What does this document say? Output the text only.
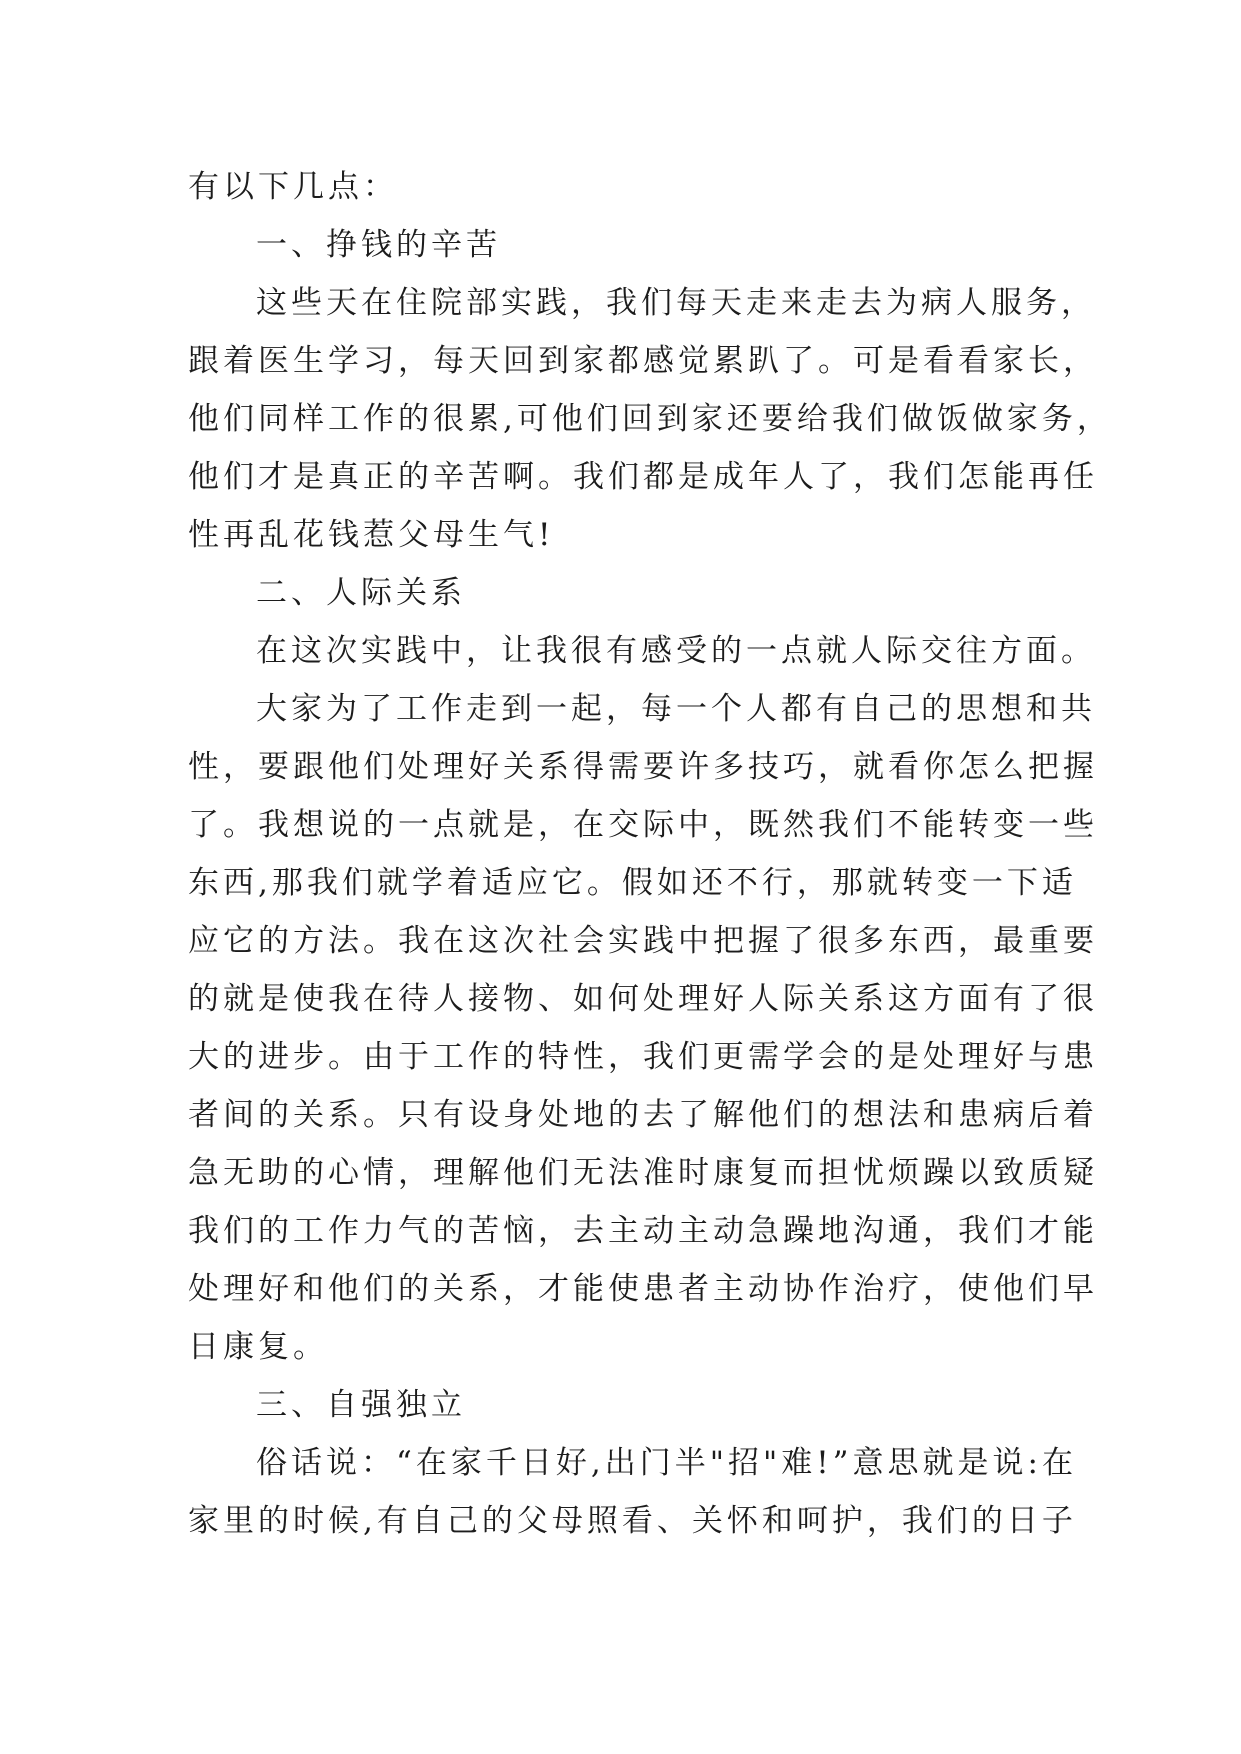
有以下几点：
一、挣钱的辛苦
这些天在住院部实践，我们每天走来走去为病人服务，
跟着医生学习，每天回到家都感觉累趴了。可是看看家长，
他们同样工作的很累,可他们回到家还要给我们做饭做家务，
他们才是真正的辛苦啊。我们都是成年人了，我们怎能再任
性再乱花钱惹父母生气!
二、人际关系
在这次实践中，让我很有感受的一点就人际交往方面。
大家为了工作走到一起，每一个人都有自己的思想和共
性，要跟他们处理好关系得需要许多技巧，就看你怎么把握
了。我想说的一点就是，在交际中，既然我们不能转变一些
东西,那我们就学着适应它。假如还不行，那就转变一下适
应它的方法。我在这次社会实践中把握了很多东西，最重要
的就是使我在待人接物、如何处理好人际关系这方面有了很
大的进步。由于工作的特性，我们更需学会的是处理好与患
者间的关系。只有设身处地的去了解他们的想法和患病后着
急无助的心情，理解他们无法准时康复而担忧烦躁以致质疑
我们的工作力气的苦恼，去主动主动急躁地沟通，我们才能
处理好和他们的关系，才能使患者主动协作治疗，使他们早
日康复。
三、自强独立
俗话说：“在家千日好,出门半"招"难!”意思就是说:在
家里的时候,有自己的父母照看、关怀和呵护，我们的日子
